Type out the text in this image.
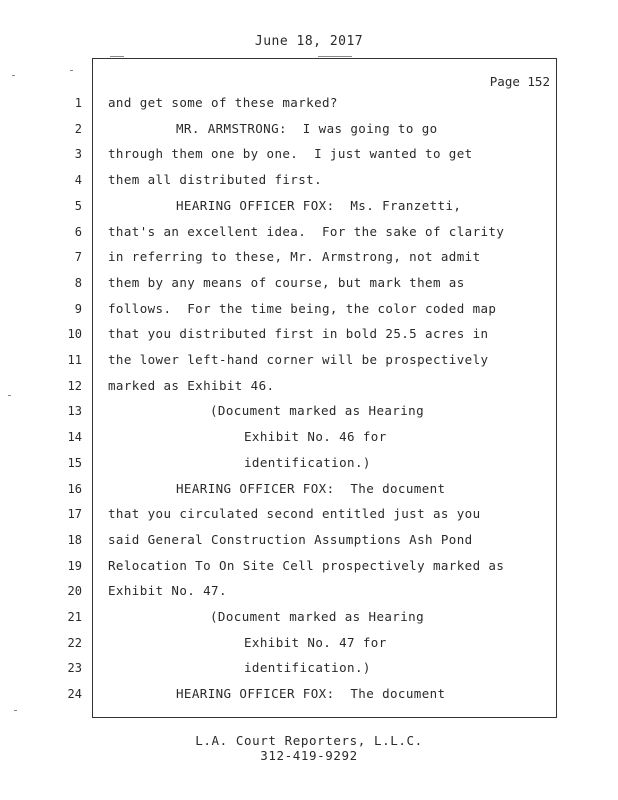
June 18, 2017
Page 152
1 and get some of these marked?
2	MR. ARMSTRONG:  I was going to go
3 through them one by one.  I just wanted to get
4 them all distributed first.
5	HEARING OFFICER FOX:  Ms. Franzetti,
6 that's an excellent idea.  For the sake of clarity
7 in referring to these, Mr. Armstrong, not admit
8 them by any means of course, but mark them as
9 follows.  For the time being, the color coded map
10 that you distributed first in bold 25.5 acres in
11 the lower left-hand corner will be prospectively
12 marked as Exhibit 46.
13	(Document marked as Hearing
14	Exhibit No. 46 for
15	identification.)
16	HEARING OFFICER FOX:  The document
17 that you circulated second entitled just as you
18 said General Construction Assumptions Ash Pond
19 Relocation To On Site Cell prospectively marked as
20 Exhibit No. 47.
21	(Document marked as Hearing
22	Exhibit No. 47 for
23	identification.)
24	HEARING OFFICER FOX:  The document
L.A. Court Reporters, L.L.C.
312-419-9292
